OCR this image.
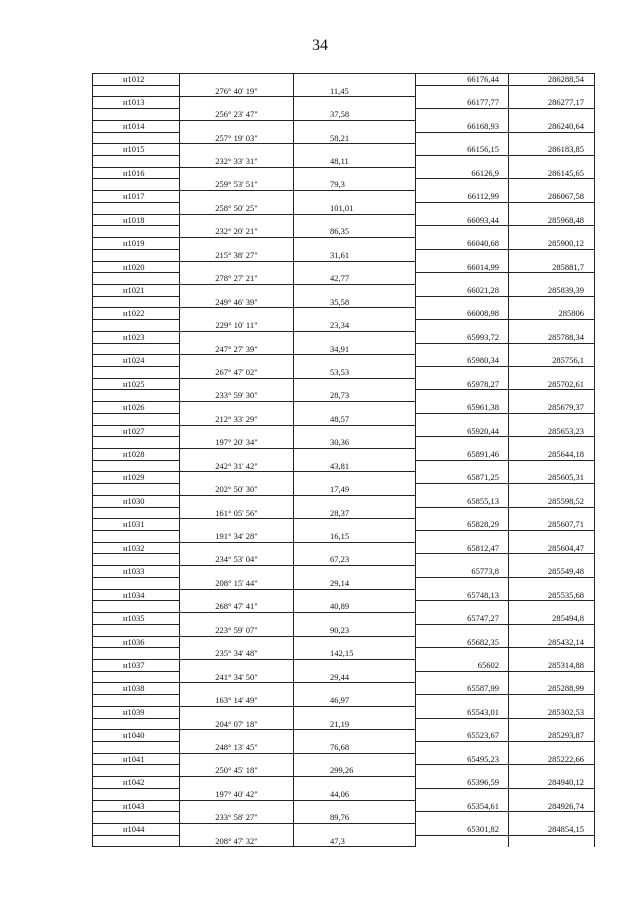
34
н1012	66176,44	286288,54
276° 40' 19"	11,45
н1013	66177,77	286277,17
256° 23' 47"	37,58
н1014	66168,93	286240,64
257° 19' 03"	58,21
н1015	66156,15	286183,85
232° 33' 31"	48,11
н1016	66126,9	286145,65
259° 53' 51"	79,3
н1017	66112,99	286067,58
258° 50' 25"	101,01
н1018	66093,44	285968,48
232° 20' 21"	86,35
н1019	66040,68	285900,12
215° 38' 27"	31,61
н1020	66014,99	285881,7
278° 27' 21"	42,77
н1021	66021,28	285839,39
249° 46' 39"	35,58
н1022	66008,98	285806
229° 10' 11"	23,34
н1023	65993,72	285788,34
247° 27' 39"	34,91
н1024	65980,34	285756,1
267° 47' 02"	53,53
н1025	65978,27	285702,61
233° 59' 30"	28,73
н1026	65961,38	285679,37
212° 33' 29"	48,57
н1027	65920,44	285653,23
197° 20' 34"	30,36
н1028	65891,46	285644,18
242° 31' 42"	43,81
н1029	65871,25	285605,31
202° 50' 30"	17,49
н1030	65855,13	285598,52
161° 05' 56"	28,37
н1031	65828,29	285607,71
191° 34' 28"	16,15
н1032	65812,47	285604,47
234° 53' 04"	67,23
н1033	65773,8	285549,48
208° 15' 44"	29,14
н1034	65748,13	285535,68
268° 47' 41"	40,89
н1035	65747,27	285494,8
223° 59' 07"	90,23
н1036	65682,35	285432,14
235° 34' 48"	142,15
н1037	65602	285314,88
241° 34' 50"	29,44
н1038	65587,99	285288,99
163° 14' 49"	46,97
н1039	65543,01	285302,53
204° 07' 18"	21,19
н1040	65523,67	285293,87
248° 13' 45"	76,68
н1041	65495,23	285222,66
250° 45' 18"	299,26
н1042	65396,59	284940,12
197° 40' 42"	44,06
н1043	65354,61	284926,74
233° 58' 27"	89,76
н1044	65301,82	284854,15
208° 47' 32"	47,3
